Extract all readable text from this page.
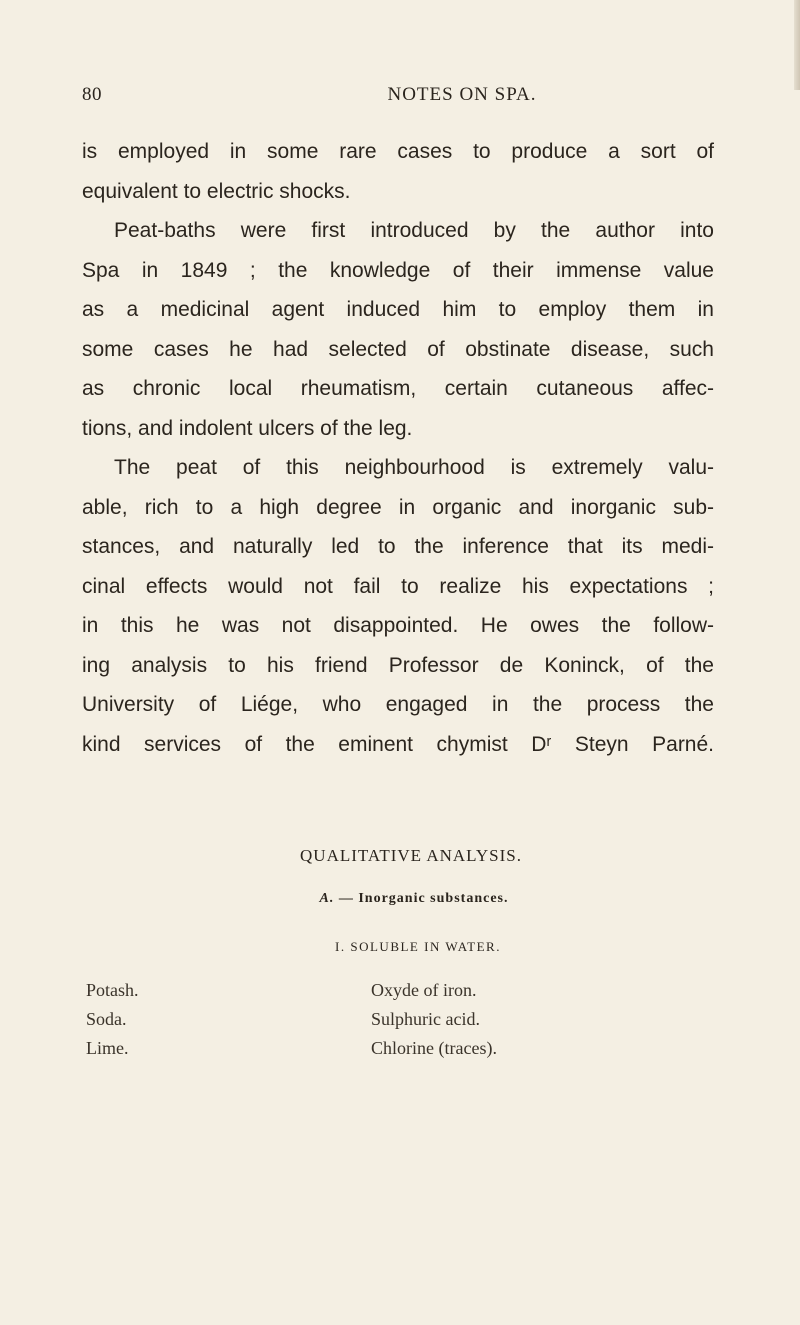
80	NOTES ON SPA.
is employed in some rare cases to produce a sort of
equivalent to electric shocks.
Peat-baths were first introduced by the author into
Spa in 1849 ; the knowledge of their immense value
as a medicinal agent induced him to employ them in
some cases he had selected of obstinate disease, such
as chronic local rheumatism, certain cutaneous affec-
tions, and indolent ulcers of the leg.
The peat of this neighbourhood is extremely valu-
able, rich to a high degree in organic and inorganic sub-
stances, and naturally led to the inference that its medi-
cinal effects would not fail to realize his expectations ;
in this he was not disappointed. He owes the follow-
ing analysis to his friend Professor de Koninck, of the
University of Liége, who engaged in the process the
kind services of the eminent chymist Dʳ Steyn Parné.
QUALITATIVE ANALYSIS.
A. — Inorganic substances.
I. SOLUBLE IN WATER.
Potash.	Oxyde of iron.
Soda.	Sulphuric acid.
Lime.	Chlorine (traces).
